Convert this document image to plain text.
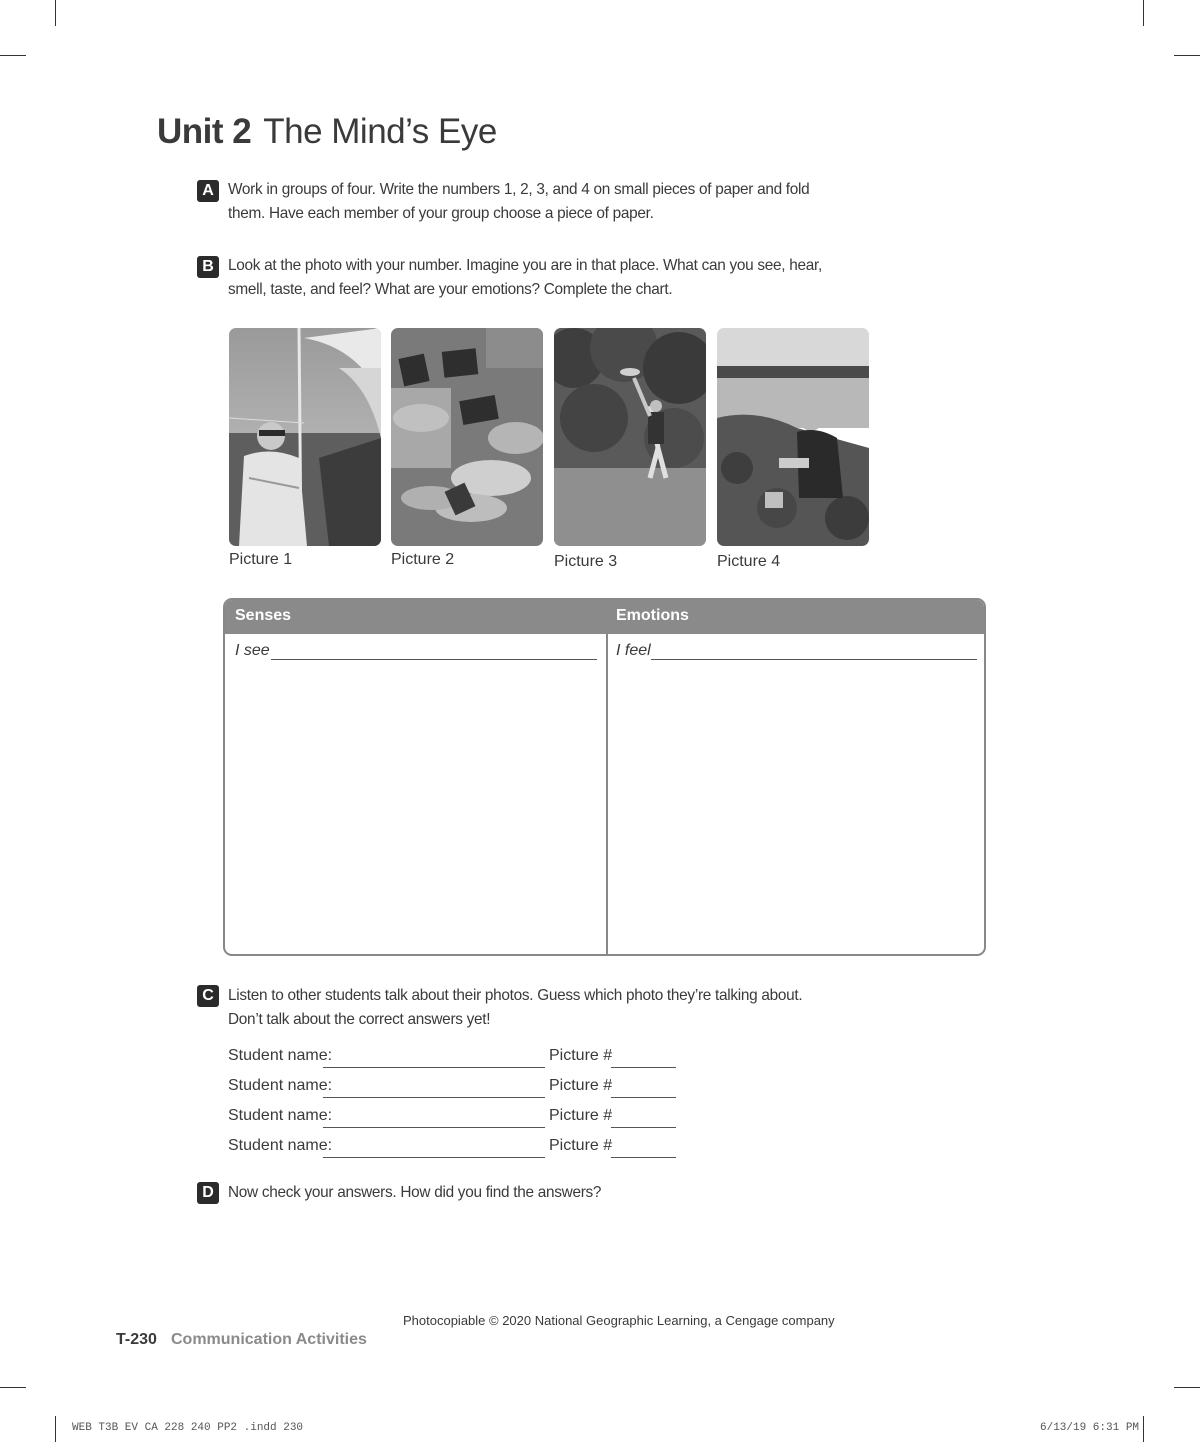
Unit 2 The Mind’s Eye
A Work in groups of four. Write the numbers 1, 2, 3, and 4 on small pieces of paper and fold
them. Have each member of your group choose a piece of paper.
B Look at the photo with your number. Imagine you are in that place. What can you see, hear,
smell, taste, and feel? What are your emotions? Complete the chart.
Picture 1	Picture 2	Picture 3	Picture 4
Senses	Emotions
I see	I feel
C Listen to other students talk about their photos. Guess which photo they’re talking about.
Don’t talk about the correct answers yet!
Student name:	Picture #
Student name:	Picture #
Student name:	Picture #
Student name:	Picture #
D Now check your answers. How did you find the answers?
Photocopiable © 2020 National Geographic Learning, a Cengage company
T-230 Communication Activities
WEB T3B EV CA 228 240 PP2 .indd 230	6/13/19 6:31 PM
